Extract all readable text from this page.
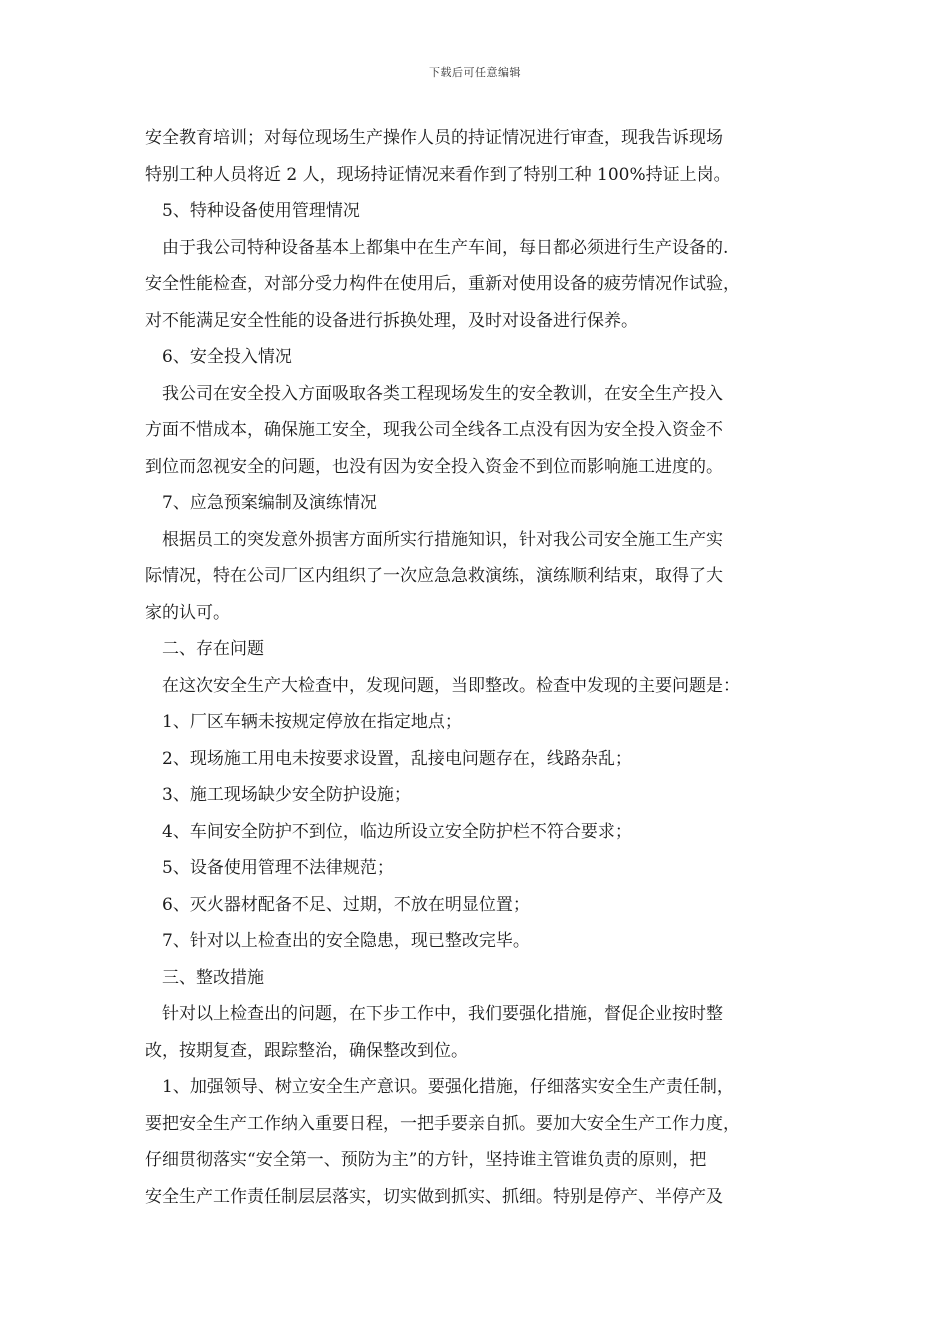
下载后可任意编辑
安全教育培训；对每位现场生产操作人员的持证情况进行审查，现我告诉现场
特别工种人员将近 2 人，现场持证情况来看作到了特别工种 100%持证上岗。
5、特种设备使用管理情况
由于我公司特种设备基本上都集中在生产车间，每日都必须进行生产设备的.
安全性能检查，对部分受力构件在使用后，重新对使用设备的疲劳情况作试验，
对不能满足安全性能的设备进行拆换处理，及时对设备进行保养。
6、安全投入情况
我公司在安全投入方面吸取各类工程现场发生的安全教训，在安全生产投入
方面不惜成本，确保施工安全，现我公司全线各工点没有因为安全投入资金不
到位而忽视安全的问题，也没有因为安全投入资金不到位而影响施工进度的。
7、应急预案编制及演练情况
根据员工的突发意外损害方面所实行措施知识，针对我公司安全施工生产实
际情况，特在公司厂区内组织了一次应急急救演练，演练顺利结束，取得了大
家的认可。
二、存在问题
在这次安全生产大检查中，发现问题，当即整改。检查中发现的主要问题是：
1、厂区车辆未按规定停放在指定地点；
2、现场施工用电未按要求设置，乱接电问题存在，线路杂乱；
3、施工现场缺少安全防护设施；
4、车间安全防护不到位，临边所设立安全防护栏不符合要求；
5、设备使用管理不法律规范；
6、灭火器材配备不足、过期，不放在明显位置；
7、针对以上检查出的安全隐患，现已整改完毕。
三、整改措施
针对以上检查出的问题，在下步工作中，我们要强化措施，督促企业按时整
改，按期复查，跟踪整治，确保整改到位。
1、加强领导、树立安全生产意识。要强化措施，仔细落实安全生产责任制，
要把安全生产工作纳入重要日程，一把手要亲自抓。要加大安全生产工作力度，
仔细贯彻落实“安全第一、预防为主”的方针，坚持谁主管谁负责的原则，把
安全生产工作责任制层层落实，切实做到抓实、抓细。特别是停产、半停产及
